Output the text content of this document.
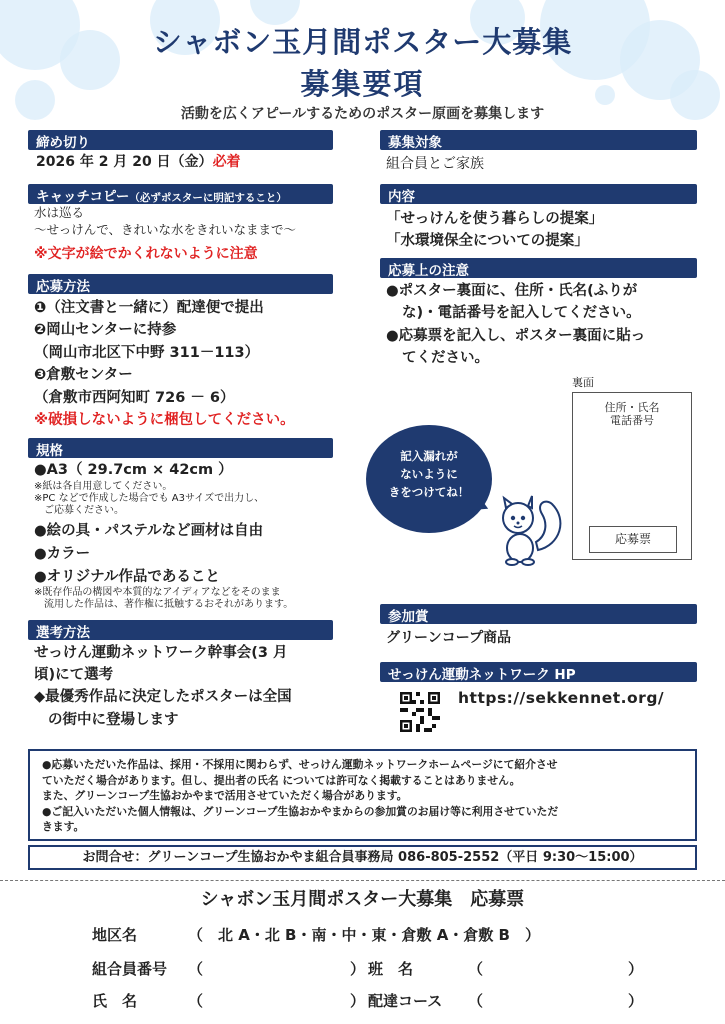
シャボン玉月間ポスター大募集
募集要項
活動を広くアピールするためのポスター原画を募集します
締め切り
2026 年 2 月 20 日（金）必着
キャッチコピー（必ずポスターに明記すること）
水は巡る
〜せっけんで、きれいな水をきれいなままで〜
※文字が絵でかくれないように注意
応募方法
❶（注文書と一緒に）配達便で提出
❷岡山センターに持参
（岡山市北区下中野 311－113）
❸倉敷センター
（倉敷市西阿知町 726 － 6）
※破損しないように梱包してください。
規格
●A3（ 29.7cm × 42cm ）
※紙は各自用意してください。
※PC などで作成した場合でも A3サイズで出力し、
ご応募ください。
●絵の具・パステルなど画材は自由
●カラー
●オリジナル作品であること
※既存作品の構図や本質的なアイディアなどをそのまま
流用した作品は、著作権に抵触するおそれがあります。
選考方法
せっけん運動ネットワーク幹事会(3 月
頃)にて選考
◆最優秀作品に決定したポスターは全国
の街中に登場します
募集対象
組合員とご家族
内容
「せっけんを使う暮らしの提案」
「水環境保全についての提案」
応募上の注意
●ポスター裏面に、住所・氏名(ふりが
な)・電話番号を記入してください。
●応募票を記入し、ポスター裏面に貼っ
てください。
記入漏れが
ないように
きをつけてね！
裏面
住所・氏名
電話番号
応募票
参加賞
グリーンコープ商品
せっけん運動ネットワーク HP
https://sekkennet.org/
●応募いただいた作品は、採用・不採用に関わらず、せっけん運動ネットワークホームページにて紹介させ
ていただく場合があります。但し、提出者の氏名 については許可なく掲載することはありません。
また、グリーンコープ生協おかやまで活用させていただく場合があります。
●ご記入いただいた個人情報は、グリーンコープ生協おかやまからの参加賞のお届け等に利用させていただ
きます。
お問合せ：グリーンコープ生協おかやま組合員事務局 086-805-2552（平日 9:30〜15:00）
シャボン玉月間ポスター大募集　応募票
地区名	（　北 A・北 B・南・中・東・倉敷 A・倉敷 B　）
組合員番号 （	） 班　名	（	）
氏　名	（	） 配達コース （	）
